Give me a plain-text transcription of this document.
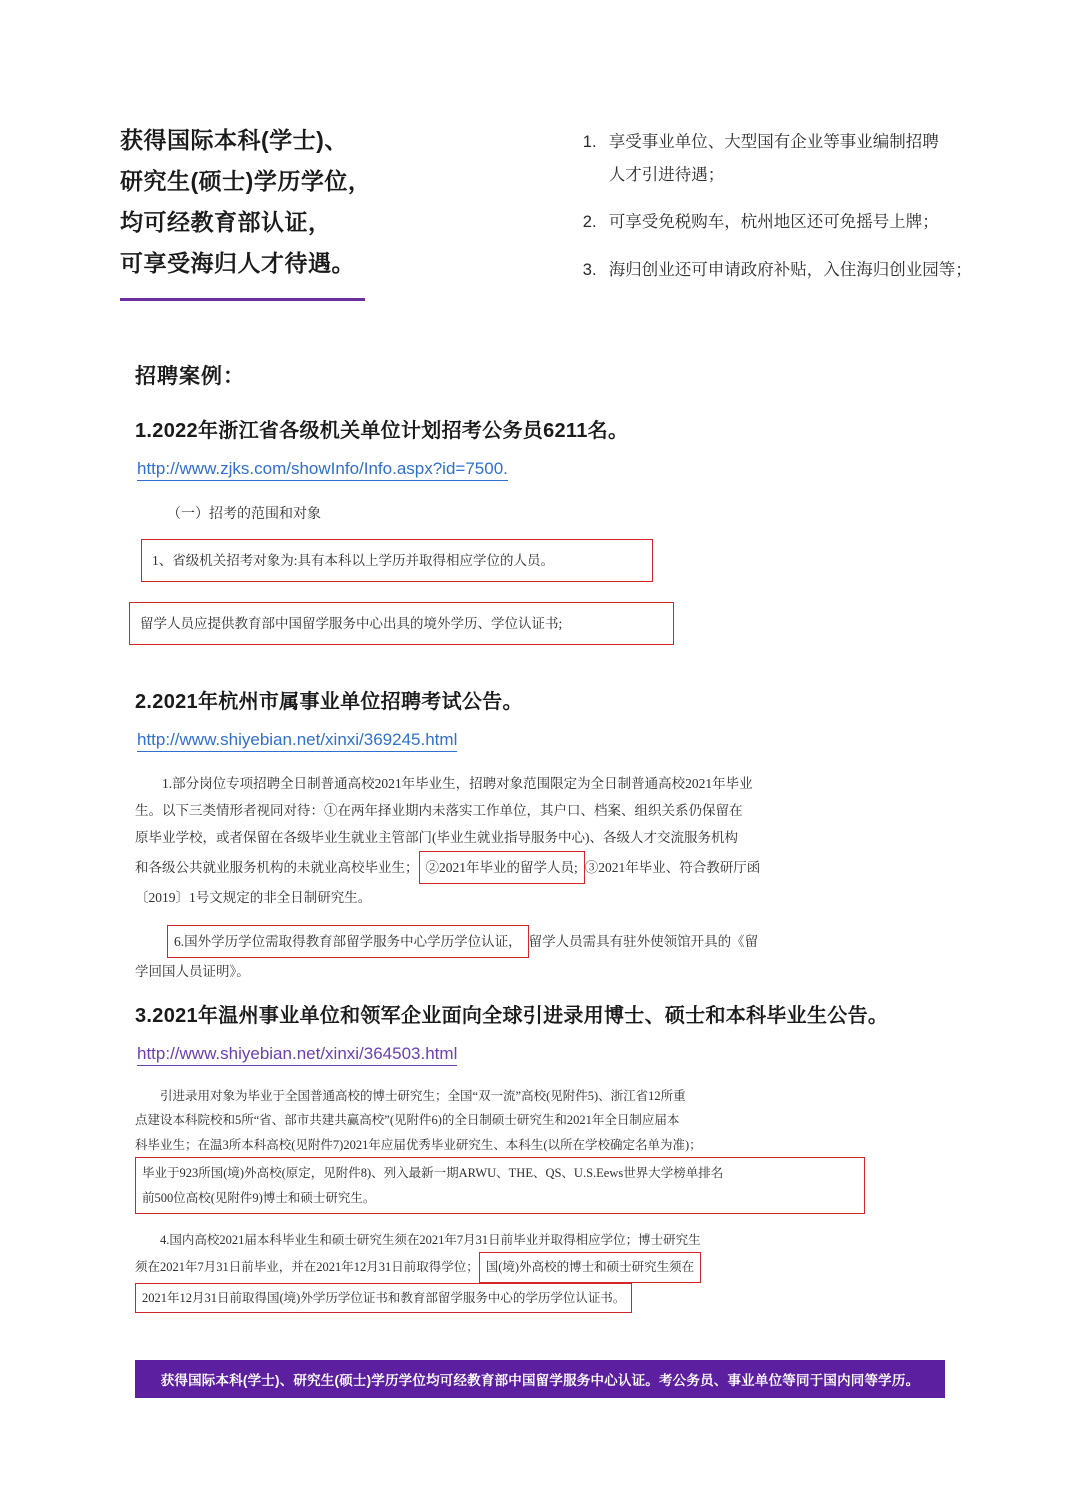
获得国际本科(学士)、
研究生(硕士)学历学位，
均可经教育部认证，
可享受海归人才待遇。
1. 享受事业单位、大型国有企业等事业编制招聘
人才引进待遇；
2. 可享受免税购车，杭州地区还可免摇号上牌；
3. 海归创业还可申请政府补贴，入住海归创业园等；
招聘案例：
1.2022年浙江省各级机关单位计划招考公务员6211名。
http://www.zjks.com/showInfo/Info.aspx?id=7500.
（一）招考的范围和对象
1、省级机关招考对象为:具有本科以上学历并取得相应学位的人员。
留学人员应提供教育部中国留学服务中心出具的境外学历、学位认证书;
2.2021年杭州市属事业单位招聘考试公告。
http://www.shiyebian.net/xinxi/369245.html
1.部分岗位专项招聘全日制普通高校2021年毕业生，招聘对象范围限定为全日制普通高校2021年毕业
生。以下三类情形者视同对待：①在两年择业期内未落实工作单位，其户口、档案、组织关系仍保留在
原毕业学校，或者保留在各级毕业生就业主管部门(毕业生就业指导服务中心)、各级人才交流服务机构
和各级公共就业服务机构的未就业高校毕业生； ②2021年毕业的留学人员; ③2021年毕业、符合教研厅函
〔2019〕1号文规定的非全日制研究生。
6.国外学历学位需取得教育部留学服务中心学历学位认证， 留学人员需具有驻外使领馆开具的《留
学回国人员证明》。
3.2021年温州事业单位和领军企业面向全球引进录用博士、硕士和本科毕业生公告。
http://www.shiyebian.net/xinxi/364503.html
引进录用对象为毕业于全国普通高校的博士研究生；全国“双一流”高校(见附件5)、浙江省12所重
点建设本科院校和5所“省、部市共建共赢高校”(见附件6)的全日制硕士研究生和2021年全日制应届本
科毕业生；在温3所本科高校(见附件7)2021年应届优秀毕业研究生、本科生(以所在学校确定名单为准)；
毕业于923所国(境)外高校(原定，见附件8)、列入最新一期ARWU、THE、QS、U.S.Eews世界大学榜单排名
前500位高校(见附件9)博士和硕士研究生。
4.国内高校2021届本科毕业生和硕士研究生须在2021年7月31日前毕业并取得相应学位；博士研究生
须在2021年7月31日前毕业，并在2021年12月31日前取得学位； 国(境)外高校的博士和硕士研究生须在
2021年12月31日前取得国(境)外学历学位证书和教育部留学服务中心的学历学位认证书。
获得国际本科(学士)、研究生(硕士)学历学位均可经教育部中国留学服务中心认证。考公务员、事业单位等同于国内同等学历。
